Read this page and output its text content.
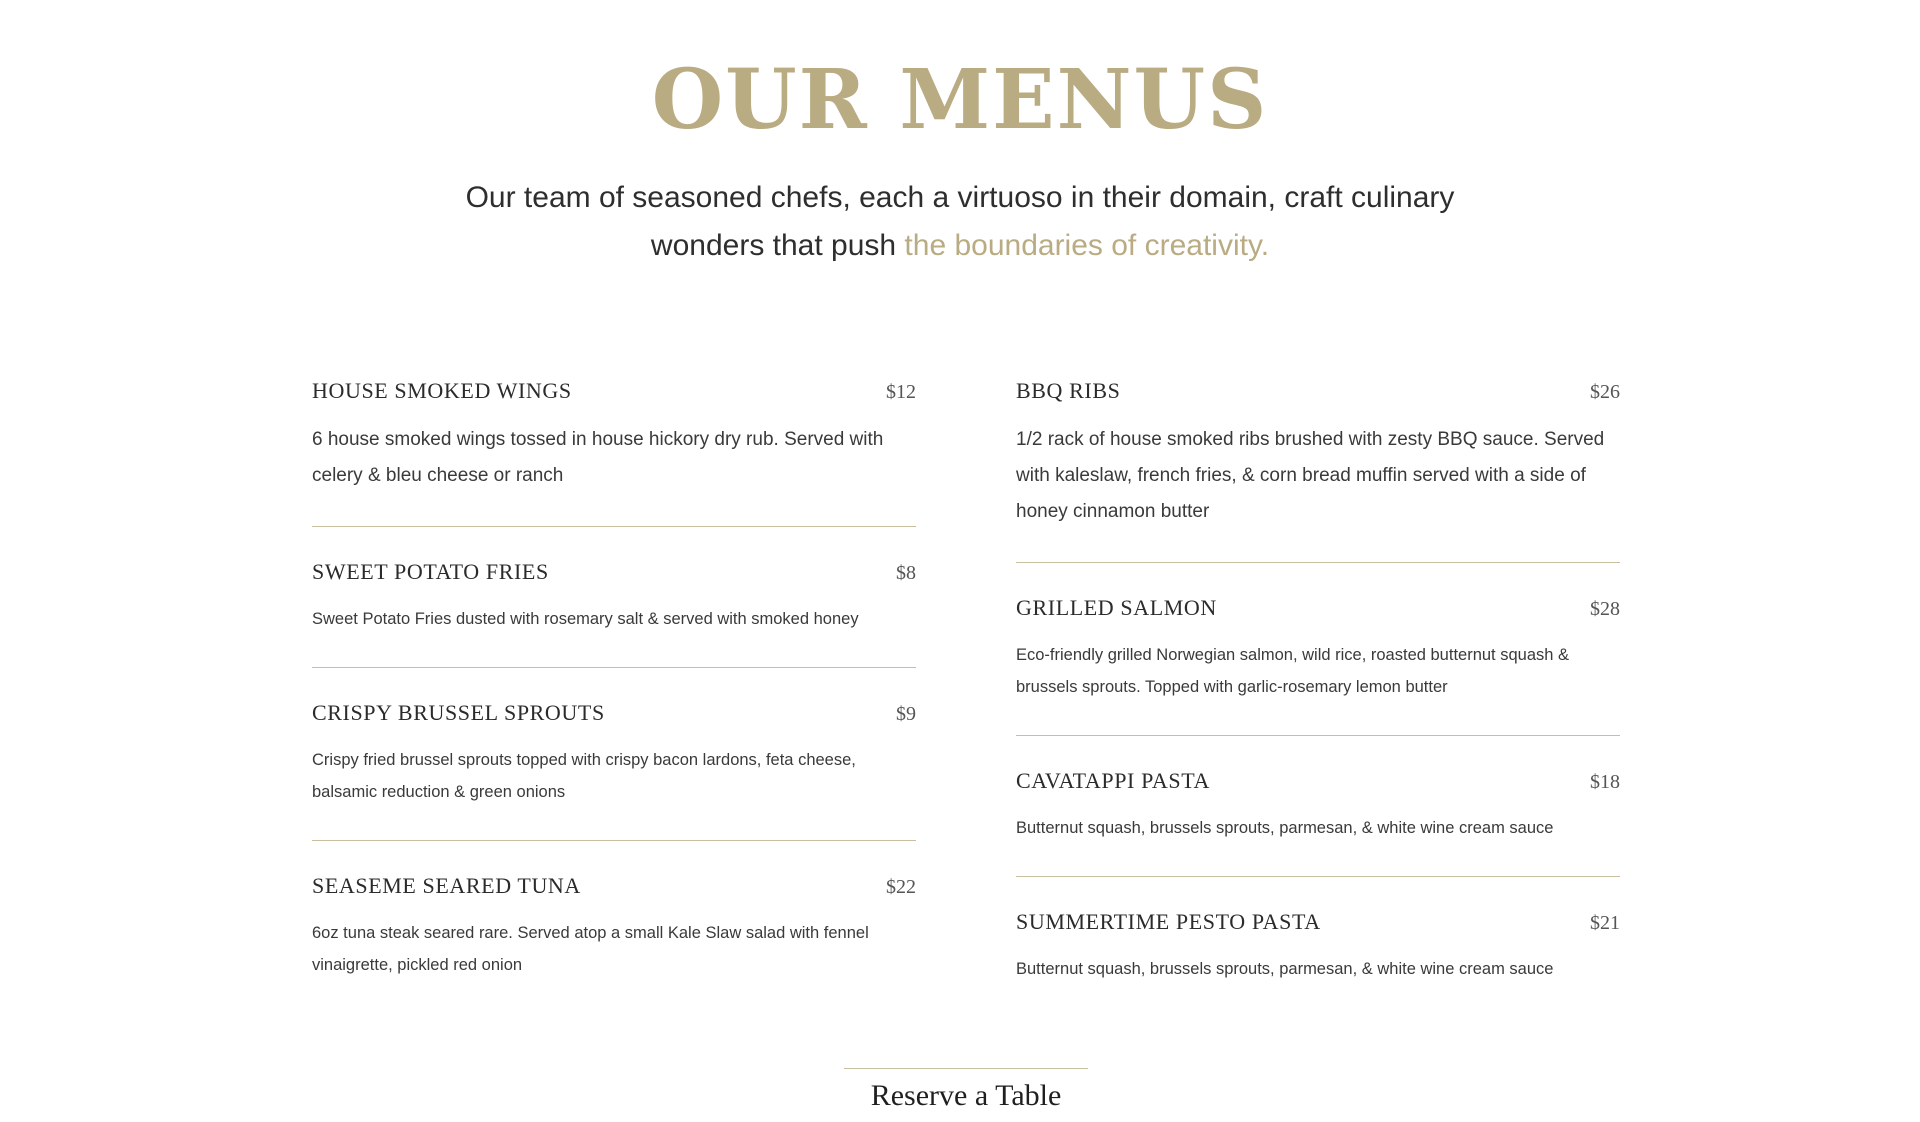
OUR MENUS

Our team of seasoned chefs, each a virtuoso in their domain, craft culinary wonders that push the boundaries of creativity.

HOUSE SMOKED WINGS	$12

6 house smoked wings tossed in house hickory dry rub. Served with celery & bleu cheese or ranch

SWEET POTATO FRIES	$8

Sweet Potato Fries dusted with rosemary salt & served with smoked honey

CRISPY BRUSSEL SPROUTS	$9

Crispy fried brussel sprouts topped with crispy bacon lardons, feta cheese, balsamic reduction & green onions

SEASEME SEARED TUNA	$22

6oz tuna steak seared rare. Served atop a small Kale Slaw salad with fennel vinaigrette, pickled red onion

BBQ RIBS	$26

1/2 rack of house smoked ribs brushed with zesty BBQ sauce. Served with kaleslaw, french fries, & corn bread muffin served with a side of honey cinnamon butter

GRILLED SALMON	$28

Eco-friendly grilled Norwegian salmon, wild rice, roasted butternut squash & brussels sprouts. Topped with garlic-rosemary lemon butter

CAVATAPPI PASTA	$18

Butternut squash, brussels sprouts, parmesan, & white wine cream sauce

SUMMERTIME PESTO PASTA	$21

Butternut squash, brussels sprouts, parmesan, & white wine cream sauce

Reserve a Table
